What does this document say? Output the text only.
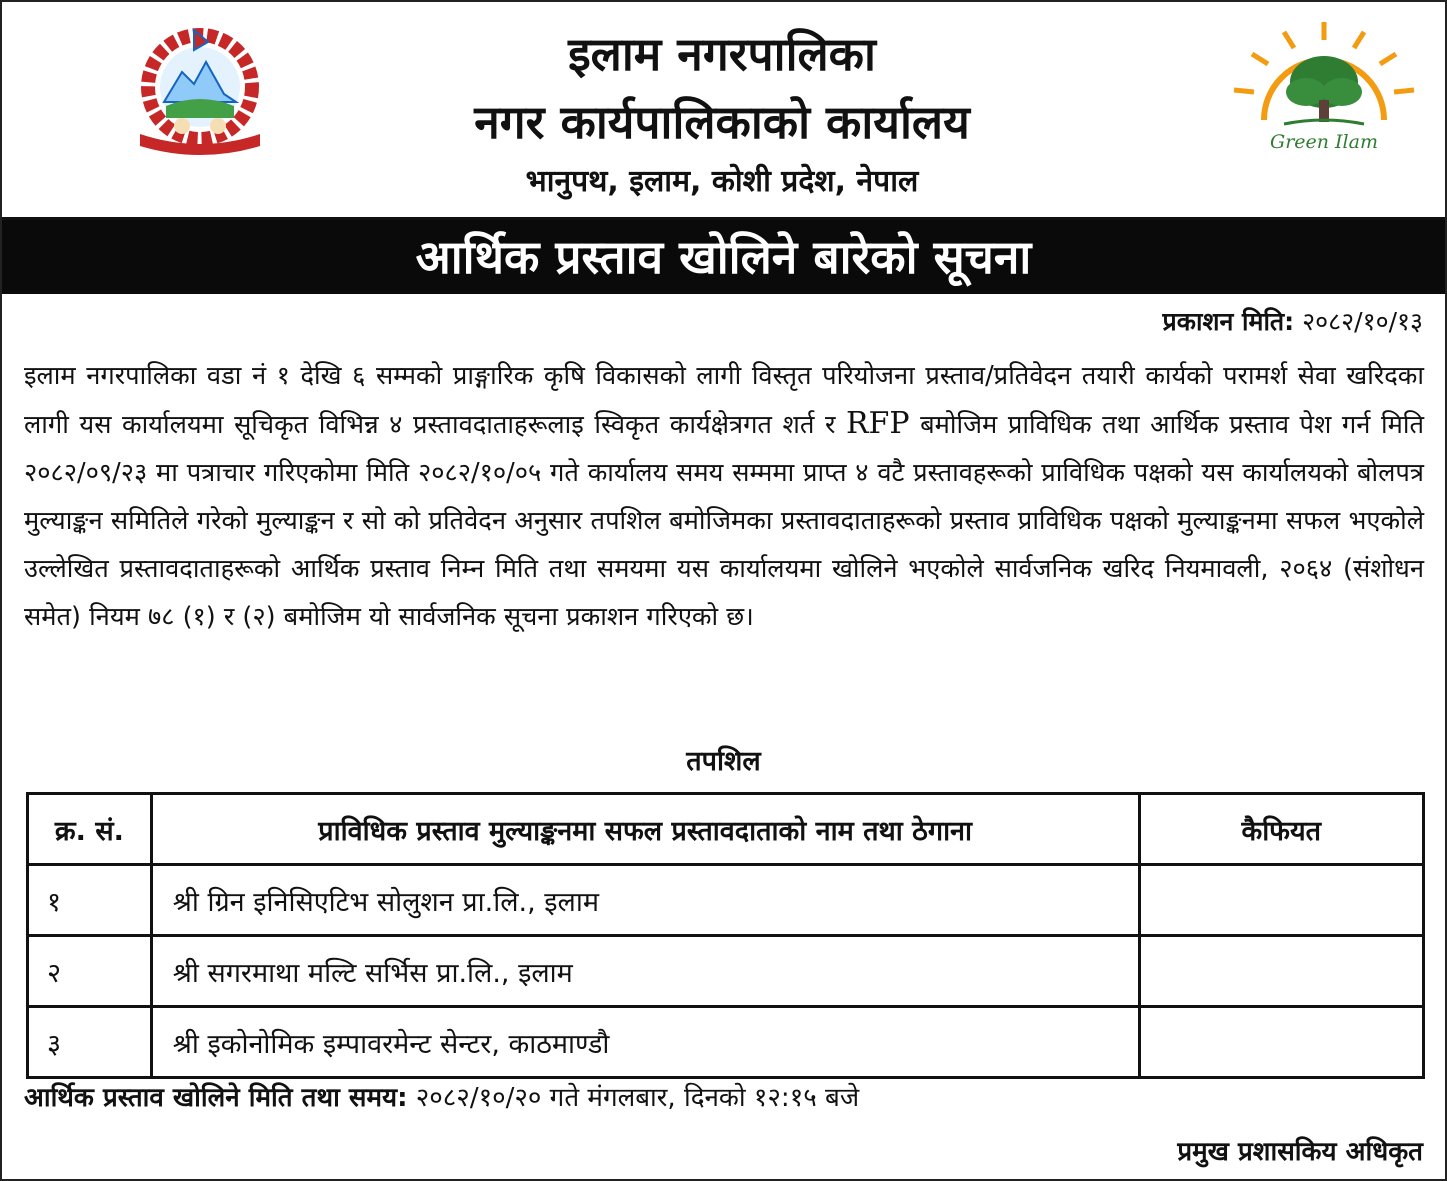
इलाम नगरपालिका
नगर कार्यपालिकाको कार्यालय

भानुपथ, इलाम, कोशी प्रदेश, नेपाल

Green Ilam
आर्थिक प्रस्ताव खोलिने बारेको सूचना
प्रकाशन मिति: २०८२/१०/१३

इलाम नगरपालिका वडा नं १ देखि ६ सम्मको प्राङ्गारिक कृषि विकासको लागी विस्तृत परियोजना प्रस्ताव/प्रतिवेदन तयारी कार्यको परामर्श सेवा खरिदका लागी यस कार्यालयमा सूचिकृत विभिन्न ४ प्रस्तावदाताहरूलाइ स्विकृत कार्यक्षेत्रगत शर्त र RFP बमोजिम प्राविधिक तथा आर्थिक प्रस्ताव पेश गर्न मिति २०८२/०९/२३ मा पत्राचार गरिएकोमा मिति २०८२/१०/०५ गते कार्यालय समय सम्ममा प्राप्त ४ वटै प्रस्तावहरूको प्राविधिक पक्षको यस कार्यालयको बोलपत्र मुल्याङ्कन समितिले गरेको मुल्याङ्कन र सो को प्रतिवेदन अनुसार तपशिल बमोजिमका प्रस्तावदाताहरूको प्रस्ताव प्राविधिक पक्षको मुल्याङ्कनमा सफल भएकोले उल्लेखित प्रस्तावदाताहरूको आर्थिक प्रस्ताव निम्न मिति तथा समयमा यस कार्यालयमा खोलिने भएकोले सार्वजनिक खरिद नियमावली, २०६४ (संशोधन समेत) नियम ७८ (१) र (२) बमोजिम यो सार्वजनिक सूचना प्रकाशन गरिएको छ।

तपशिल
क्र. सं.	प्राविधिक प्रस्ताव मुल्याङ्कनमा सफल प्रस्तावदाताको नाम तथा ठेगाना	कैफियत
१	श्री ग्रिन इनिसिएटिभ सोलुशन प्रा.लि., इलाम	
२	श्री सगरमाथा मल्टि सर्भिस प्रा.लि., इलाम	
३	श्री इकोनोमिक इम्पावरमेन्ट सेन्टर, काठमाण्डौ	
आर्थिक प्रस्ताव खोलिने मिति तथा समय: २०८२/१०/२० गते मंगलबार, दिनको १२:१५ बजे
प्रमुख प्रशासकिय अधिकृत
